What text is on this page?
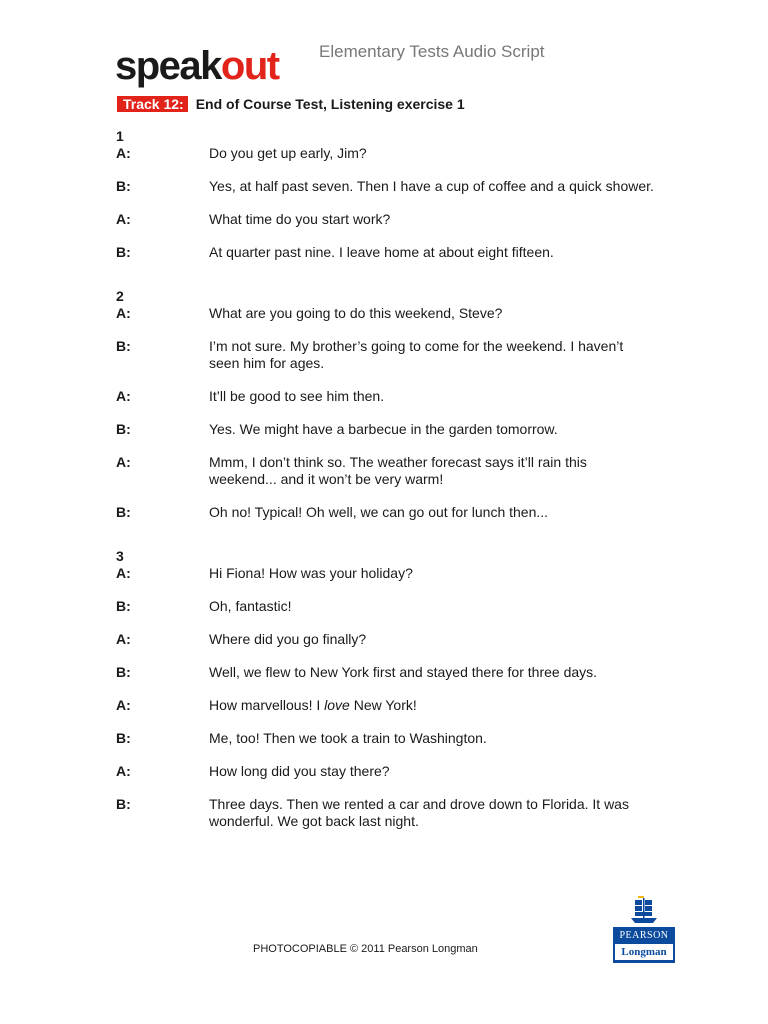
speakout Elementary Tests Audio Script
Track 12: End of Course Test, Listening exercise 1
1
A:	Do you get up early, Jim?
B:	Yes, at half past seven. Then I have a cup of coffee and a quick shower.
A:	What time do you start work?
B:	At quarter past nine. I leave home at about eight fifteen.
2
A:	What are you going to do this weekend, Steve?
B:	I’m not sure. My brother’s going to come for the weekend. I haven’t seen him for ages.
A:	It’ll be good to see him then.
B:	Yes. We might have a barbecue in the garden tomorrow.
A:	Mmm, I don’t think so. The weather forecast says it’ll rain this weekend... and it won’t be very warm!
B:	Oh no! Typical! Oh well, we can go out for lunch then...
3
A:	Hi Fiona! How was your holiday?
B:	Oh, fantastic!
A:	Where did you go finally?
B:	Well, we flew to New York first and stayed there for three days.
A:	How marvellous! I love New York!
B:	Me, too! Then we took a train to Washington.
A:	How long did you stay there?
B:	Three days. Then we rented a car and drove down to Florida. It was wonderful. We got back last night.
PHOTOCOPIABLE © 2011 Pearson Longman
PEARSON
Longman
